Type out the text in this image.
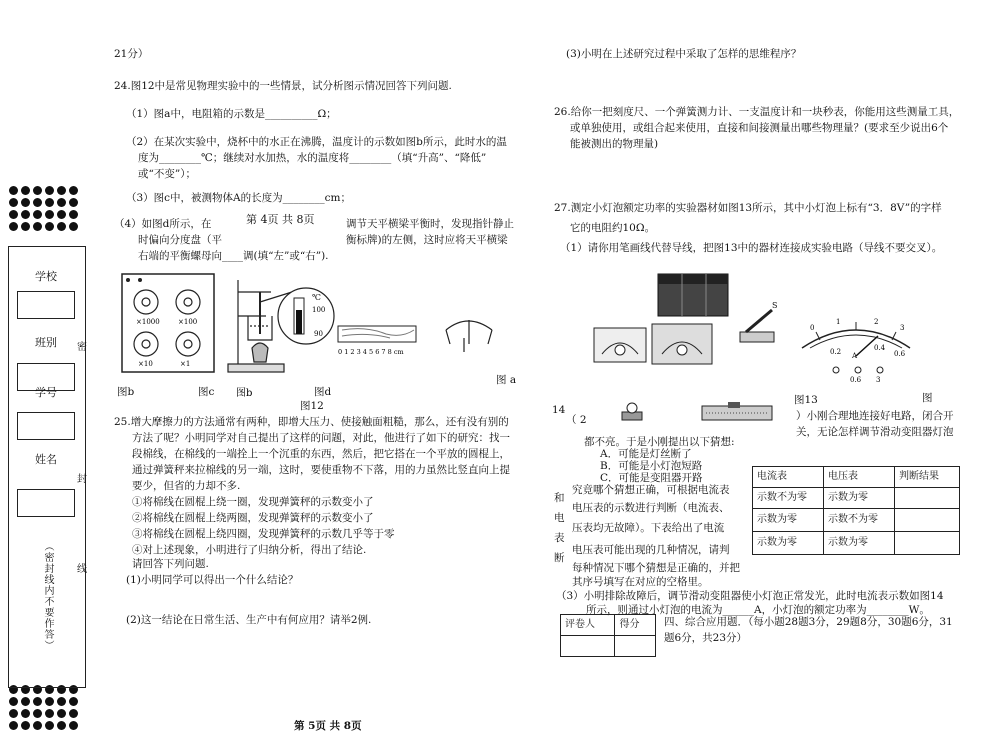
学校
班别
学号
姓名
（密封线内不要作答）
密
封
线
21分）
24.图12中是常见物理实验中的一些情景，试分析图示情况回答下列问题.
（1）图a中，电阻箱的示数是__________Ω；
（2）在某次实验中，烧杯中的水正在沸腾，温度计的示数如图b所示，此时水的温
度为________℃；继续对水加热，水的温度将________（填“升高”、“降低”
或“不变”）；
（3）图c中，被测物体A的长度为________cm；
（4）如图d所示，在	第 4页 共 8页	调节天平横梁平衡时，发现指针静止
时偏向分度盘（平	衡标牌)的左侧，这时应将天平横梁
右端的平衡螺母向____调(填“左”或“右”).
×1000	×100
×10	×1
℃
100
90
0 1 2 3 4 5 6 7 8 cm
图b
图b	图c	图d
图 a
图12
25.增大摩擦力的方法通常有两种，即增大压力、使接触面粗糙，那么，还有没有别的
方法了呢？小明同学对自己提出了这样的问题，对此，他进行了如下的研究：找一
段棉线，在棉线的一端拴上一个沉重的东西，然后，把它搭在一个平放的圆棍上，
通过弹簧秤来拉棉线的另一端，这时，要使重物不下落，用的力虽然比竖直向上提
要少，但省的力却不多.
①将棉线在圆棍上绕一圈，发现弹簧秤的示数变小了
②将棉线在圆棍上绕两圈，发现弹簧秤的示数变小了
③将棉线在圆棍上绕四圈，发现弹簧秤的示数几乎等于零
④对上述现象，小明进行了归纳分析，得出了结论.
请回答下列问题.
(1)小明同学可以得出一个什么结论？
(2)这一结论在日常生活、生产中有何应用？请举2例.
第 5页 共 8页
(3)小明在上述研究过程中采取了怎样的思维程序？
26.给你一把刻度尺、一个弹簧测力计、一支温度计和一块秒表，你能用这些测量工具，
或单独使用，或组合起来使用，直接和间接测量出哪些物理量？(要求至少说出6个
能被测出的物理量)
27.测定小灯泡额定功率的实验器材如图13所示，其中小灯泡上标有“3．8V”的字样
它的电阻约10Ω。
（1）请你用笔画线代替导线，把图13中的器材连接成实验电路（导线不要交叉）。
S
0
1	2
3
0.2	0.4
0.6
A
0.6 3
图13	图
14
（ 2	）小刚合理地连接好电路，闭合开
关，无论怎样调节滑动变阻器灯泡
都不亮。于是小刚提出以下猜想:
A．可能是灯丝断了
B．可能是小灯泡短路
C．可能是变阻器开路
和
电
表
断
究竟哪个猜想正确，可根据电流表
电压表的示数进行判断（电流表、
压表均无故障）。下表给出了电流
电压表可能出现的几种情况，请判
每种情况下哪个猜想是正确的，并把
其序号填写在对应的空格里。
电流表	电压表	判断结果
示数不为零	示数为零	
示数为零	示数不为零	
示数为零	示数为零	
（3）小明排除故障后，调节滑动变阻器使小灯泡正常发光，此时电流表示数如图14
所示，则通过小灯泡的电流为______A，小灯泡的额定功率为________W。
评卷人	得分
	四、综合应用题．（每小题28题3分，29题8分，30题6分，31
题6分，共23分）
